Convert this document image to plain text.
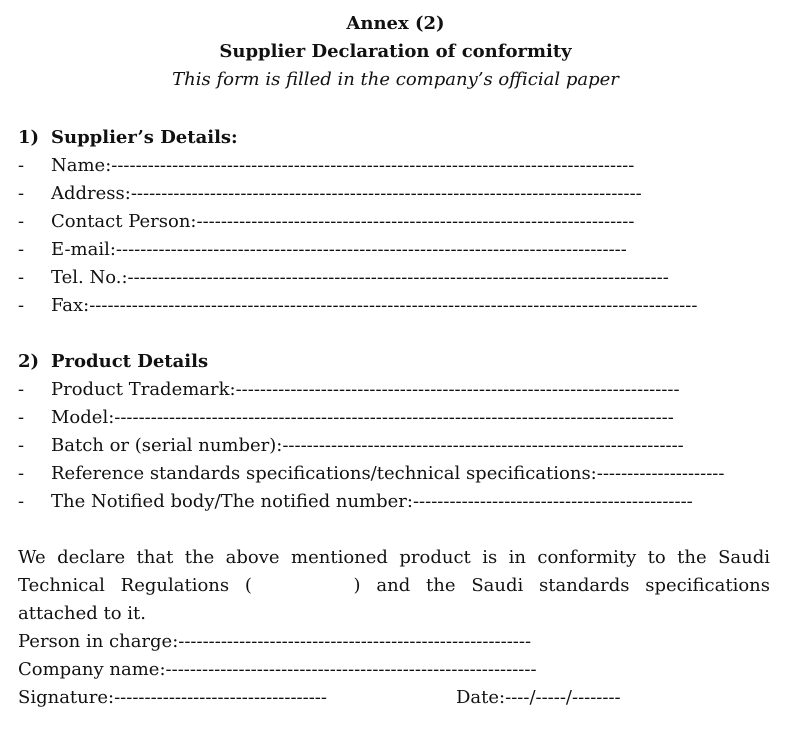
Annex (2)
Supplier Declaration of conformity
This form is filled in the company’s official paper
1) Supplier’s Details:
- Name:--------------------------------------------------------------------------------------
- Address:------------------------------------------------------------------------------------
- Contact Person:------------------------------------------------------------------------
- E-mail:------------------------------------------------------------------------------------
- Tel. No.:-----------------------------------------------------------------------------------------
- Fax:----------------------------------------------------------------------------------------------------
2) Product Details
- Product Trademark:-------------------------------------------------------------------------
- Model:--------------------------------------------------------------------------------------------
- Batch or (serial number):------------------------------------------------------------------
- Reference standards specifications/technical specifications:---------------------
- The Notified body/The notified number:----------------------------------------------
We declare that the above mentioned product is in conformity to the Saudi
Technical Regulations (	) and the Saudi standards specifications
attached to it.
Person in charge:----------------------------------------------------------
Company name:-------------------------------------------------------------
Signature:-----------------------------------	Date:----/-----/--------
